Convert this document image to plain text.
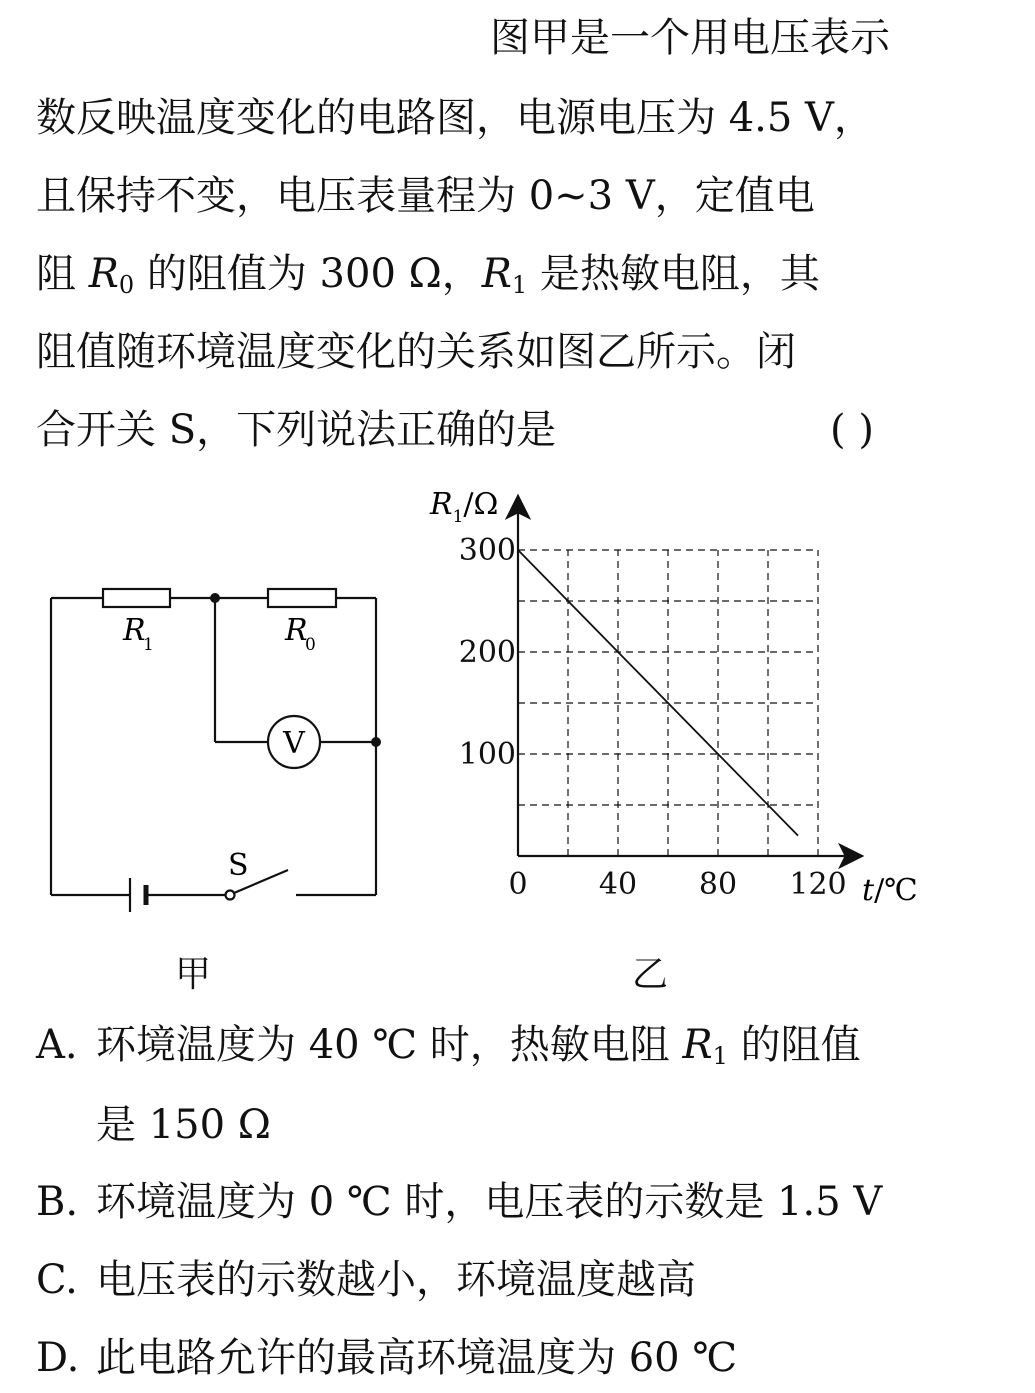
图甲是一个用电压表示
数反映温度变化的电路图，电源电压为 4.5 V，
且保持不变，电压表量程为 0~3 V，定值电
阻 $R_0$ 的阻值为 300 Ω，$R_1$ 是热敏电阻，其
阻值随环境温度变化的关系如图乙所示。闭
合开关 S，下列说法正确的是	( )
R
1	R
0
V
S
甲
0 40 80 120
100
200
300
$R_1/\Omega$
t/℃
乙
A. 环境温度为 40 ℃ 时，热敏电阻 $R_1$ 的阻值
是 150 Ω
B. 环境温度为 0 ℃ 时，电压表的示数是 1.5 V
C. 电压表的示数越小，环境温度越高
D. 此电路允许的最高环境温度为 60 ℃
